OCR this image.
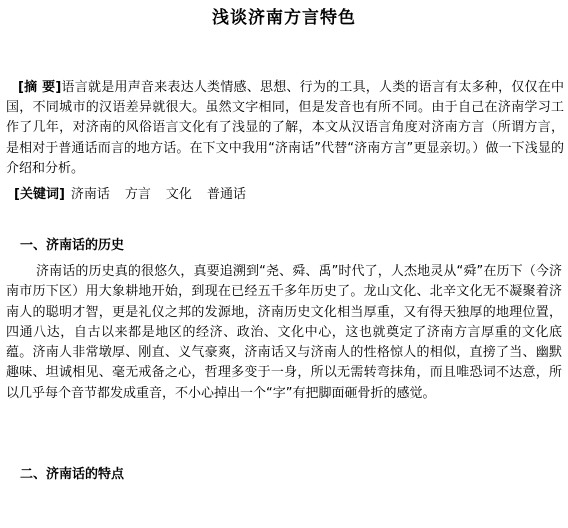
浅谈济南方言特色
[摘 要]语言就是用声音来表达人类情感、思想、行为的工具，人类的语言有太多种，仅仅在中国，不同城市的汉语差异就很大。虽然文字相同，但是发音也有所不同。由于自己在济南学习工作了几年，对济南的风俗语言文化有了浅显的了解，本文从汉语言角度对济南方言（所谓方言，是相对于普通话而言的地方话。在下文中我用“济南话”代替“济南方言”更显亲切。）做一下浅显的介绍和分析。
[关键词] 济南话 方言 文化 普通话
一、济南话的历史
济南话的历史真的很悠久，真要追溯到“尧、舜、禹”时代了，人杰地灵从“舜”在历下（今济南市历下区）用大象耕地开始，到现在已经五千多年历史了。龙山文化、北辛文化无不凝聚着济南人的聪明才智，更是礼仪之邦的发源地，济南历史文化相当厚重，又有得天独厚的地理位置，四通八达，自古以来都是地区的经济、政治、文化中心，这也就奠定了济南方言厚重的文化底蕴。济南人非常墩厚、刚直、义气豪爽，济南话又与济南人的性格惊人的相似，直搒了当、幽默趣味、坦诚相见、毫无戒备之心，哲理多变于一身，所以无需转弯抹角，而且唯恐词不达意，所以几乎每个音节都发成重音，不小心掉出一个“字”有把脚面砸骨折的感觉。
二、济南话的特点
